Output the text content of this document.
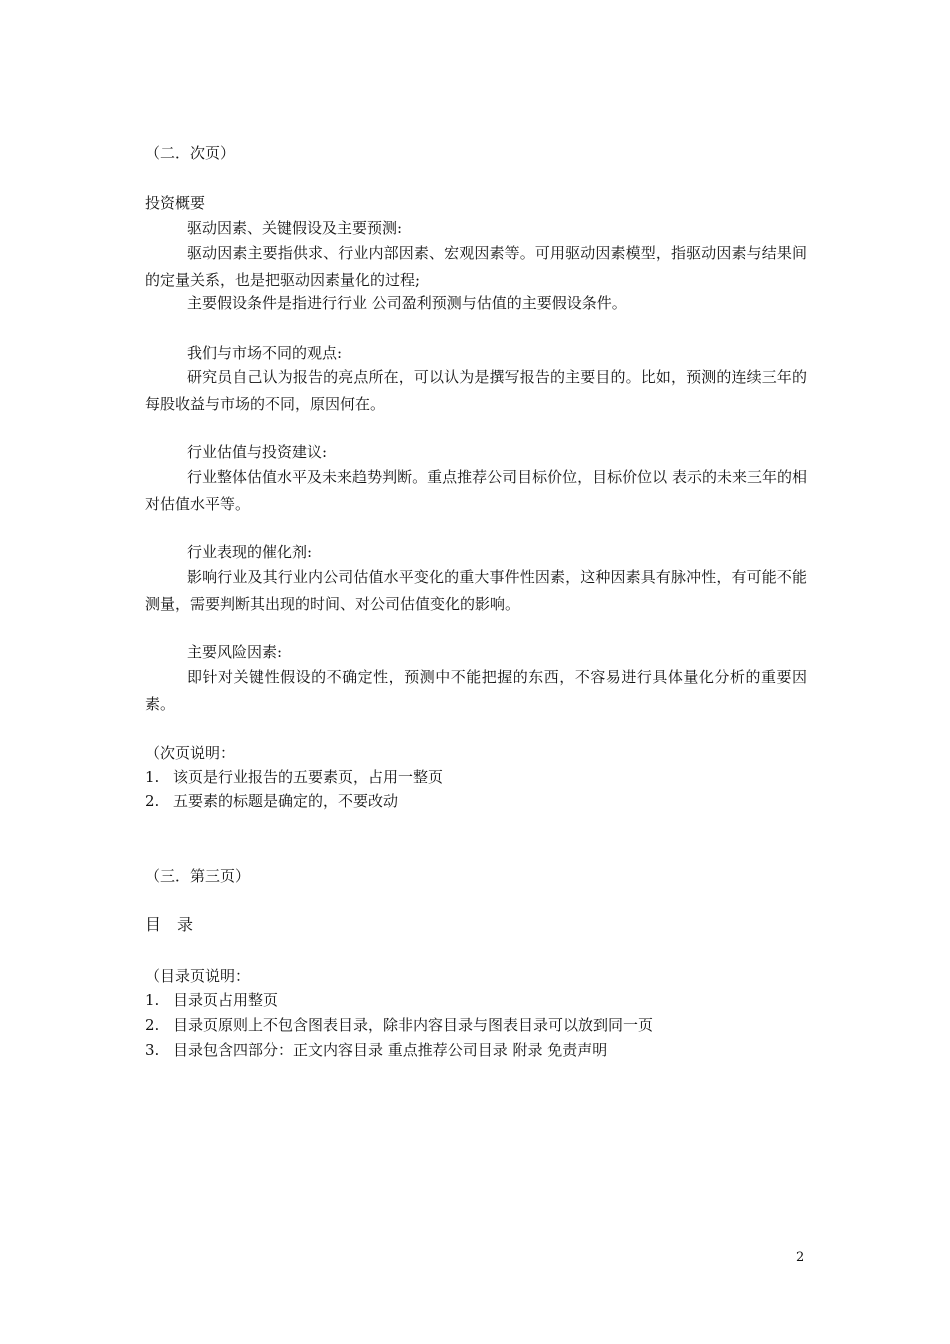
（二．次页）

投资概要

驱动因素、关键假设及主要预测:

驱动因素主要指供求、行业内部因素、宏观因素等。可用驱动因素模型，指驱动因素与结果间的定量关系，也是把驱动因素量化的过程;

主要假设条件是指进行行业 公司盈利预测与估值的主要假设条件。

我们与市场不同的观点:

研究员自己认为报告的亮点所在，可以认为是撰写报告的主要目的。比如，预测的连续三年的每股收益与市场的不同，原因何在。

行业估值与投资建议:

行业整体估值水平及未来趋势判断。重点推荐公司目标价位，目标价位以 表示的未来三年的相对估值水平等。

行业表现的催化剂:

影响行业及其行业内公司估值水平变化的重大事件性因素，这种因素具有脉冲性，有可能不能测量，需要判断其出现的时间、对公司估值变化的影响。

主要风险因素:

即针对关键性假设的不确定性，预测中不能把握的东西，不容易进行具体量化分析的重要因素。

（次页说明：

1. 该页是行业报告的五要素页，占用一整页

2. 五要素的标题是确定的，不要改动

（三．第三页）

目录

（目录页说明：

1. 目录页占用整页

2. 目录页原则上不包含图表目录，除非内容目录与图表目录可以放到同一页

3. 目录包含四部分：正文内容目录 重点推荐公司目录 附录 免责声明

2
